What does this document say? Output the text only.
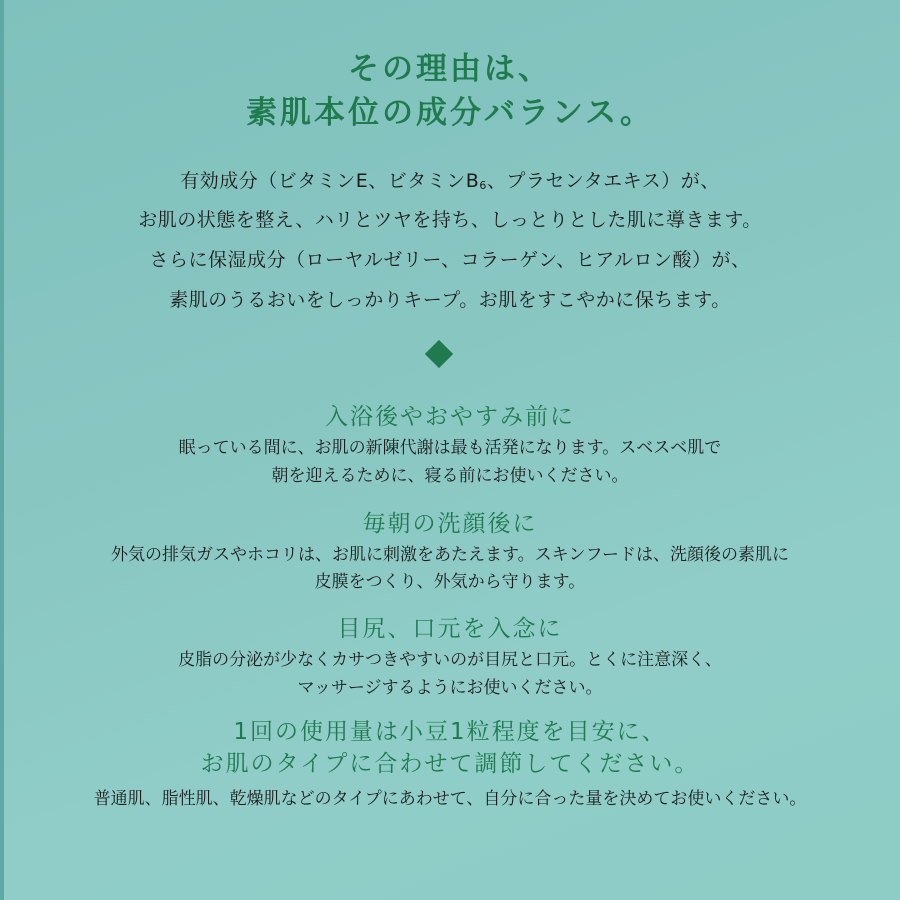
その理由は、
素肌本位の成分バランス。
有効成分（ビタミンE、ビタミン$B_6$、プラセンタエキス）が、
お肌の状態を整え、ハリとツヤを持ち、しっとりとした肌に導きます。
さらに保湿成分（ローヤルゼリー、コラーゲン、ヒアルロン酸）が、
素肌のうるおいをしっかりキープ。お肌をすこやかに保ちます。
入浴後やおやすみ前に
眠っている間に、お肌の新陳代謝は最も活発になります。スベスベ肌で
朝を迎えるために、寝る前にお使いください。
毎朝の洗顔後に
外気の排気ガスやホコリは、お肌に刺激をあたえます。スキンフードは、洗顔後の素肌に
皮膜をつくり、外気から守ります。
目尻、口元を入念に
皮脂の分泌が少なくカサつきやすいのが目尻と口元。とくに注意深く、
マッサージするようにお使いください。
1回の使用量は小豆1粒程度を目安に、
お肌のタイプに合わせて調節してください。
普通肌、脂性肌、乾燥肌などのタイプにあわせて、自分に合った量を決めてお使いください。
